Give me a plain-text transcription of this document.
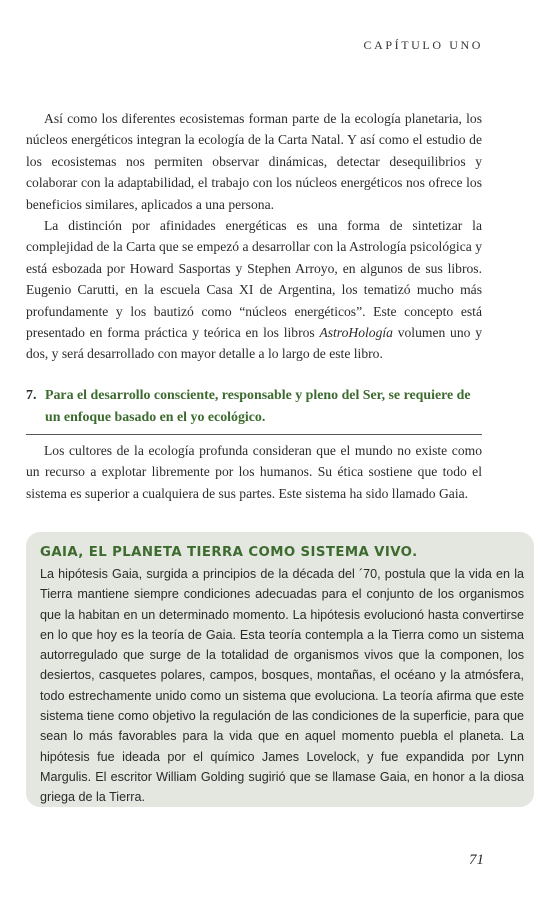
CAPÍTULO UNO

Así como los diferentes ecosistemas forman parte de la ecología planetaria, los núcleos energéticos integran la ecología de la Carta Natal. Y así como el estudio de los ecosistemas nos permiten observar dinámicas, detectar desequilibrios y colaborar con la adaptabilidad, el trabajo con los núcleos energéticos nos ofrece los beneficios similares, aplicados a una persona.

La distinción por afinidades energéticas es una forma de sintetizar la complejidad de la Carta que se empezó a desarrollar con la Astrología psicológica y está esbozada por Howard Sasportas y Stephen Arroyo, en algunos de sus libros. Eugenio Carutti, en la escuela Casa XI de Argentina, los tematizó mucho más profundamente y los bautizó como “núcleos energéticos”. Este concepto está presentado en forma práctica y teórica en los libros AstroHología volumen uno y dos, y será desarrollado con mayor detalle a lo largo de este libro.

7. Para el desarrollo consciente, responsable y pleno del Ser, se requiere de un enfoque basado en el yo ecológico.

Los cultores de la ecología profunda consideran que el mundo no existe como un recurso a explotar libremente por los humanos. Su ética sostiene que todo el sistema es superior a cualquiera de sus partes. Este sistema ha sido llamado Gaia.

GAIA, EL PLANETA TIERRA COMO SISTEMA VIVO.

La hipótesis Gaia, surgida a principios de la década del ´70, postula que la vida en la Tierra mantiene siempre condiciones adecuadas para el conjunto de los organismos que la habitan en un determinado momento. La hipótesis evolucionó hasta convertirse en lo que hoy es la teoría de Gaia. Esta teoría contempla a la Tierra como un sistema autorregulado que surge de la totalidad de organismos vivos que la componen, los desiertos, casquetes polares, campos, bosques, montañas, el océano y la atmósfera, todo estrechamente unido como un sistema que evoluciona. La teoría afirma que este sistema tiene como objetivo la regulación de las condiciones de la superficie, para que sean lo más favorables para la vida que en aquel momento puebla el planeta. La hipótesis fue ideada por el químico James Lovelock, y fue expandida por Lynn Margulis. El escritor William Golding sugirió que se llamase Gaia, en honor a la diosa griega de la Tierra.

71
